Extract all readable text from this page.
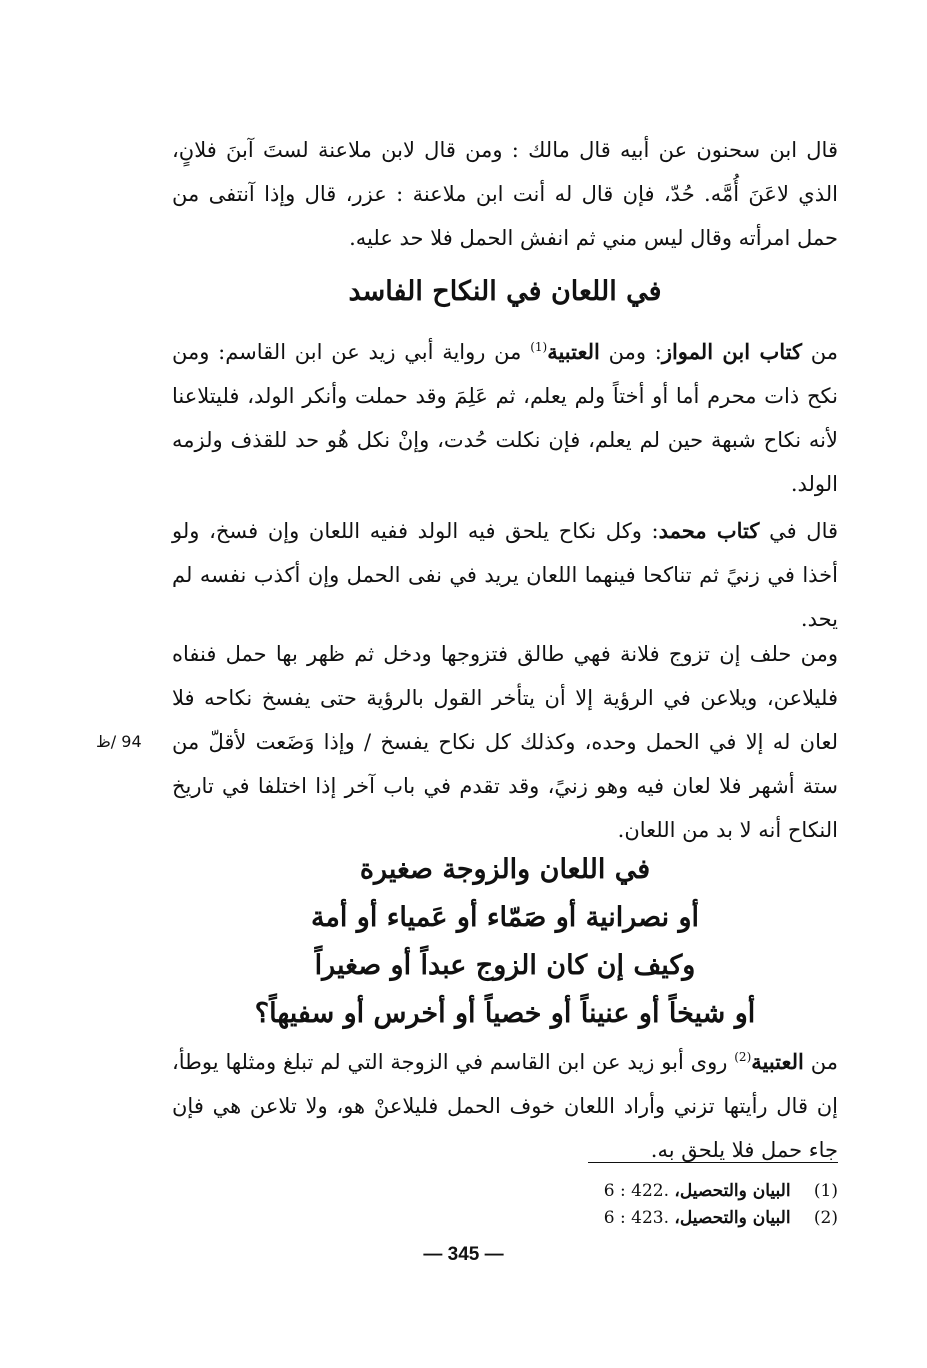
قال ابن سحنون عن أبيه قال مالك : ومن قال لابن ملاعنة لستَ آبنَ فلانٍ، الذي لاعَنَ أُمَّه. حُدّ، فإن قال له أنت ابن ملاعنة : عزر، قال وإذا آنتفى من حمل امرأته وقال ليس مني ثم انفش الحمل فلا حد عليه.

في اللعان في النكاح الفاسد

من كتاب ابن المواز: ومن العتبية$^{(1)}$ من رواية أبي زيد عن ابن القاسم: ومن نكح ذات محرم أما أو أختاً ولم يعلم، ثم عَلِمَ وقد حملت وأنكر الولد، فليتلاعنا لأنه نكاح شبهة حين لم يعلم، فإن نكلت حُدت، وإنْ نكل هُو حد للقذف ولزمه الولد.

قال في كتاب محمد: وكل نكاح يلحق فيه الولد ففيه اللعان وإن فسخ، ولو أخذا في زنيً ثم تناكحا فينهما اللعان يريد في نفى الحمل وإن أكذب نفسه لم يحد.

ومن حلف إن تزوج فلانة فهي طالق فتزوجها ودخل ثم ظهر بها حمل فنفاه فليلاعن، ويلاعن في الرؤية إلا أن يتأخر القول بالرؤية حتى يفسخ نكاحه فلا لعان له إلا في الحمل وحده، وكذلك كل نكاح يفسخ / وإذا وَضَعت لأقلّ من ستة أشهر فلا لعان فيه وهو زنيً، وقد تقدم في باب آخر إذا اختلفا في تاريخ النكاح أنه لا بد من اللعان.

94 /ظ
في اللعان والزوجة صغيرة
أو نصرانية أو صَمّاء أو عَمياء أو أمة
وكيف إن كان الزوج عبداً أو صغيراً
أو شيخاً أو عنيناً أو خصياً أو أخرس أو سفيهاً؟

من العتبية$^{(2)}$ روى أبو زيد عن ابن القاسم في الزوجة التي لم تبلغ ومثلها يوطأ، إن قال رأيتها تزني وأراد اللعان خوف الحمل فليلاعنْ هو، ولا تلاعن هي فإن جاء حمل فلا يلحق به.

(1) البيان والتحصيل، 6 : 422.
(2) البيان والتحصيل، 6 : 423.
— 345 —
